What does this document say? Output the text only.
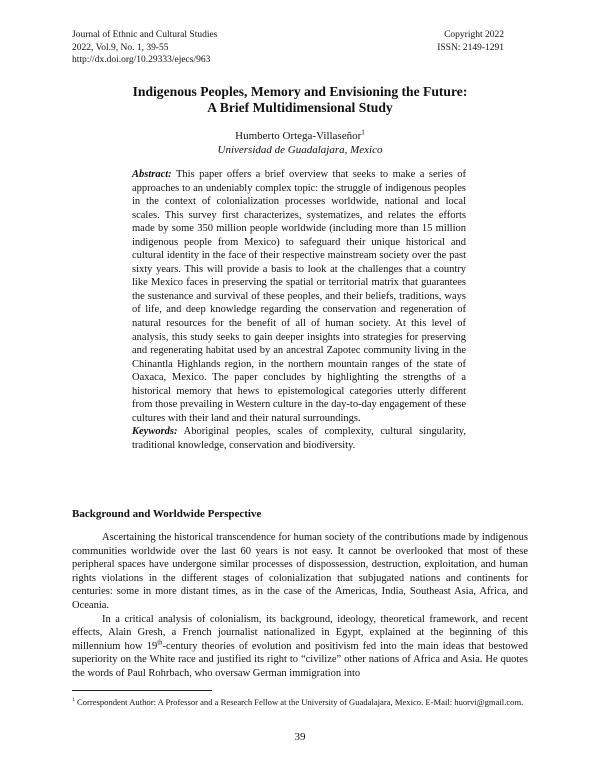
Journal of Ethnic and Cultural Studies
2022, Vol.9, No. 1, 39-55
http://dx.doi.org/10.29333/ejecs/963
Copyright 2022
ISSN: 2149-1291
Indigenous Peoples, Memory and Envisioning the Future:
A Brief Multidimensional Study
Humberto Ortega-Villaseñor$^1$
Universidad de Guadalajara, Mexico
Abstract: This paper offers a brief overview that seeks to make a series of approaches to an undeniably complex topic: the struggle of indigenous peoples in the context of colonialization processes worldwide, national and local scales. This survey first characterizes, systematizes, and relates the efforts made by some 350 million people worldwide (including more than 15 million indigenous people from Mexico) to safeguard their unique historical and cultural identity in the face of their respective mainstream society over the past sixty years. This will provide a basis to look at the challenges that a country like Mexico faces in preserving the spatial or territorial matrix that guarantees the sustenance and survival of these peoples, and their beliefs, traditions, ways of life, and deep knowledge regarding the conservation and regeneration of natural resources for the benefit of all of human society. At this level of analysis, this study seeks to gain deeper insights into strategies for preserving and regenerating habitat used by an ancestral Zapotec community living in the Chinantla Highlands region, in the northern mountain ranges of the state of Oaxaca, Mexico. The paper concludes by highlighting the strengths of a historical memory that hews to epistemological categories utterly different from those prevailing in Western culture in the day-to-day engagement of these cultures with their land and their natural surroundings.
Keywords: Aboriginal peoples, scales of complexity, cultural singularity, traditional knowledge, conservation and biodiversity.
Background and Worldwide Perspective

Ascertaining the historical transcendence for human society of the contributions made by indigenous communities worldwide over the last 60 years is not easy. It cannot be overlooked that most of these peripheral spaces have undergone similar processes of dispossession, destruction, exploitation, and human rights violations in the different stages of colonialization that subjugated nations and continents for centuries: some in more distant times, as in the case of the Americas, India, Southeast Asia, Africa, and Oceania.

In a critical analysis of colonialism, its background, ideology, theoretical framework, and recent effects, Alain Gresh, a French journalist nationalized in Egypt, explained at the beginning of this millennium how 19th-century theories of evolution and positivism fed into the main ideas that bestowed superiority on the White race and justified its right to “civilize” other nations of Africa and Asia. He quotes the words of Paul Rohrbach, who oversaw German immigration into

$^1$ Correspondent Author: A Professor and a Research Fellow at the University of Guadalajara, Mexico. E-Mail: huorvi@gmail.com.
39
